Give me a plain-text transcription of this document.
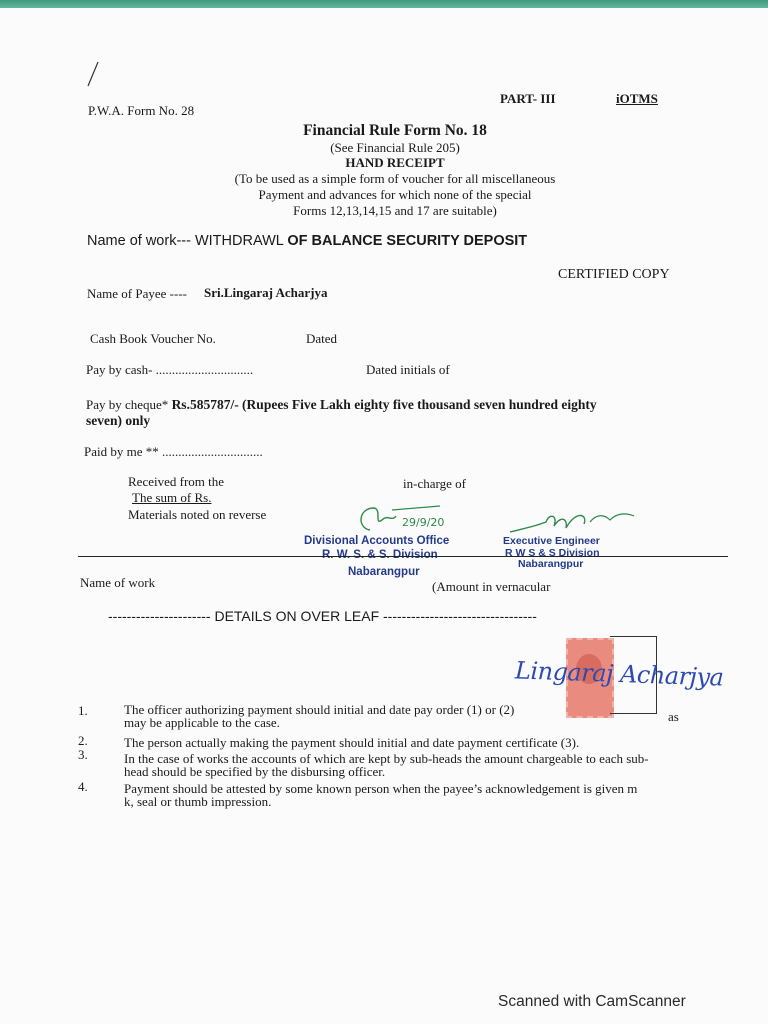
P.W.A. Form No. 28
PART- III	iOTMS
Financial Rule Form No. 18
(See Financial Rule 205)
HAND RECEIPT
(To be used as a simple form of voucher for all miscellaneous
Payment and advances for which none of the special
Forms 12,13,14,15 and 17 are suitable)
Name of work--- WITHDRAWL OF BALANCE SECURITY DEPOSIT
CERTIFIED COPY
Name of Payee ---- Sri.Lingaraj Acharjya
Cash Book Voucher No.	Dated
Pay by cash- ..............................	Dated initials of
Pay by cheque* Rs.585787/- (Rupees Five Lakh eighty five thousand seven hundred eighty
seven) only
Paid by me ** ...............................
Received from the
The sum of Rs.
Materials noted on reverse
in-charge of
29/9/20
Divisional Accounts Office
R. W. S. & S. Division
Nabarangpur
Executive Engineer
R W S & S Division
Nabarangpur
Name of work	(Amount in vernacular
---------------------- DETAILS ON OVER LEAF ---------------------------------
Lingaraj Acharjya
as
1.	The officer authorizing payment should initial and date pay order (1) or (2)
may be applicable to the case.
2.	The person actually making the payment should initial and date payment certificate (3).
3.	In the case of works the accounts of which are kept by sub-heads the amount chargeable to each sub-
head should be specified by the disbursing officer.
4.	Payment should be attested by some known person when the payee’s acknowledgement is given m
k, seal or thumb impression.
Scanned with CamScanner
